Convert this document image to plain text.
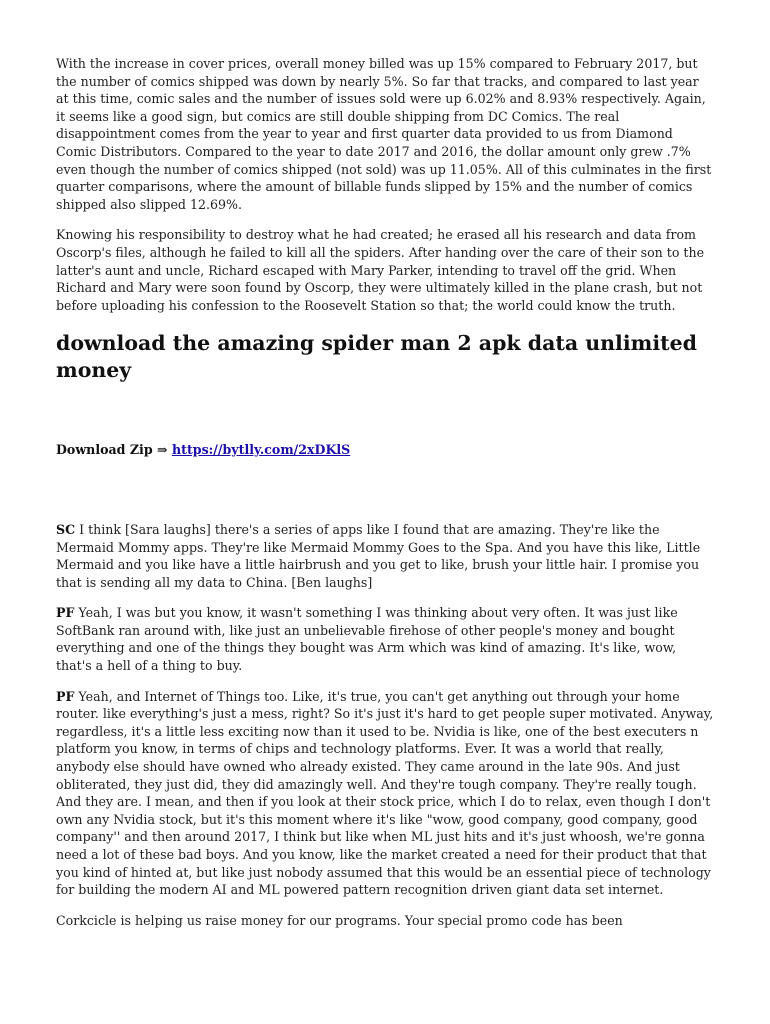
With the increase in cover prices, overall money billed was up 15% compared to February 2017, but the number of comics shipped was down by nearly 5%. So far that tracks, and compared to last year at this time, comic sales and the number of issues sold were up 6.02% and 8.93% respectively. Again, it seems like a good sign, but comics are still double shipping from DC Comics. The real disappointment comes from the year to year and first quarter data provided to us from Diamond Comic Distributors. Compared to the year to date 2017 and 2016, the dollar amount only grew .7% even though the number of comics shipped (not sold) was up 11.05%. All of this culminates in the first quarter comparisons, where the amount of billable funds slipped by 15% and the number of comics shipped also slipped 12.69%.

Knowing his responsibility to destroy what he had created; he erased all his research and data from Oscorp's files, although he failed to kill all the spiders. After handing over the care of their son to the latter's aunt and uncle, Richard escaped with Mary Parker, intending to travel off the grid. When Richard and Mary were soon found by Oscorp, they were ultimately killed in the plane crash, but not before uploading his confession to the Roosevelt Station so that; the world could know the truth.

download the amazing spider man 2 apk data unlimited money
Download Zip ⇒ https://bytlly.com/2xDKlS

SC I think [Sara laughs] there's a series of apps like I found that are amazing. They're like the Mermaid Mommy apps. They're like Mermaid Mommy Goes to the Spa. And you have this like, Little Mermaid and you like have a little hairbrush and you get to like, brush your little hair. I promise you that is sending all my data to China. [Ben laughs]

PF Yeah, I was but you know, it wasn't something I was thinking about very often. It was just like SoftBank ran around with, like just an unbelievable firehose of other people's money and bought everything and one of the things they bought was Arm which was kind of amazing. It's like, wow, that's a hell of a thing to buy.

PF Yeah, and Internet of Things too. Like, it's true, you can't get anything out through your home router. like everything's just a mess, right? So it's just it's hard to get people super motivated. Anyway, regardless, it's a little less exciting now than it used to be. Nvidia is like, one of the best executers n platform you know, in terms of chips and technology platforms. Ever. It was a world that really, anybody else should have owned who already existed. They came around in the late 90s. And just obliterated, they just did, they did amazingly well. And they're tough company. They're really tough. And they are. I mean, and then if you look at their stock price, which I do to relax, even though I don't own any Nvidia stock, but it's this moment where it's like "wow, good company, good company, good company'' and then around 2017, I think but like when ML just hits and it's just whoosh, we're gonna need a lot of these bad boys. And you know, like the market created a need for their product that that you kind of hinted at, but like just nobody assumed that this would be an essential piece of technology for building the modern AI and ML powered pattern recognition driven giant data set internet.

Corkcicle is helping us raise money for our programs. Your special promo code has been
